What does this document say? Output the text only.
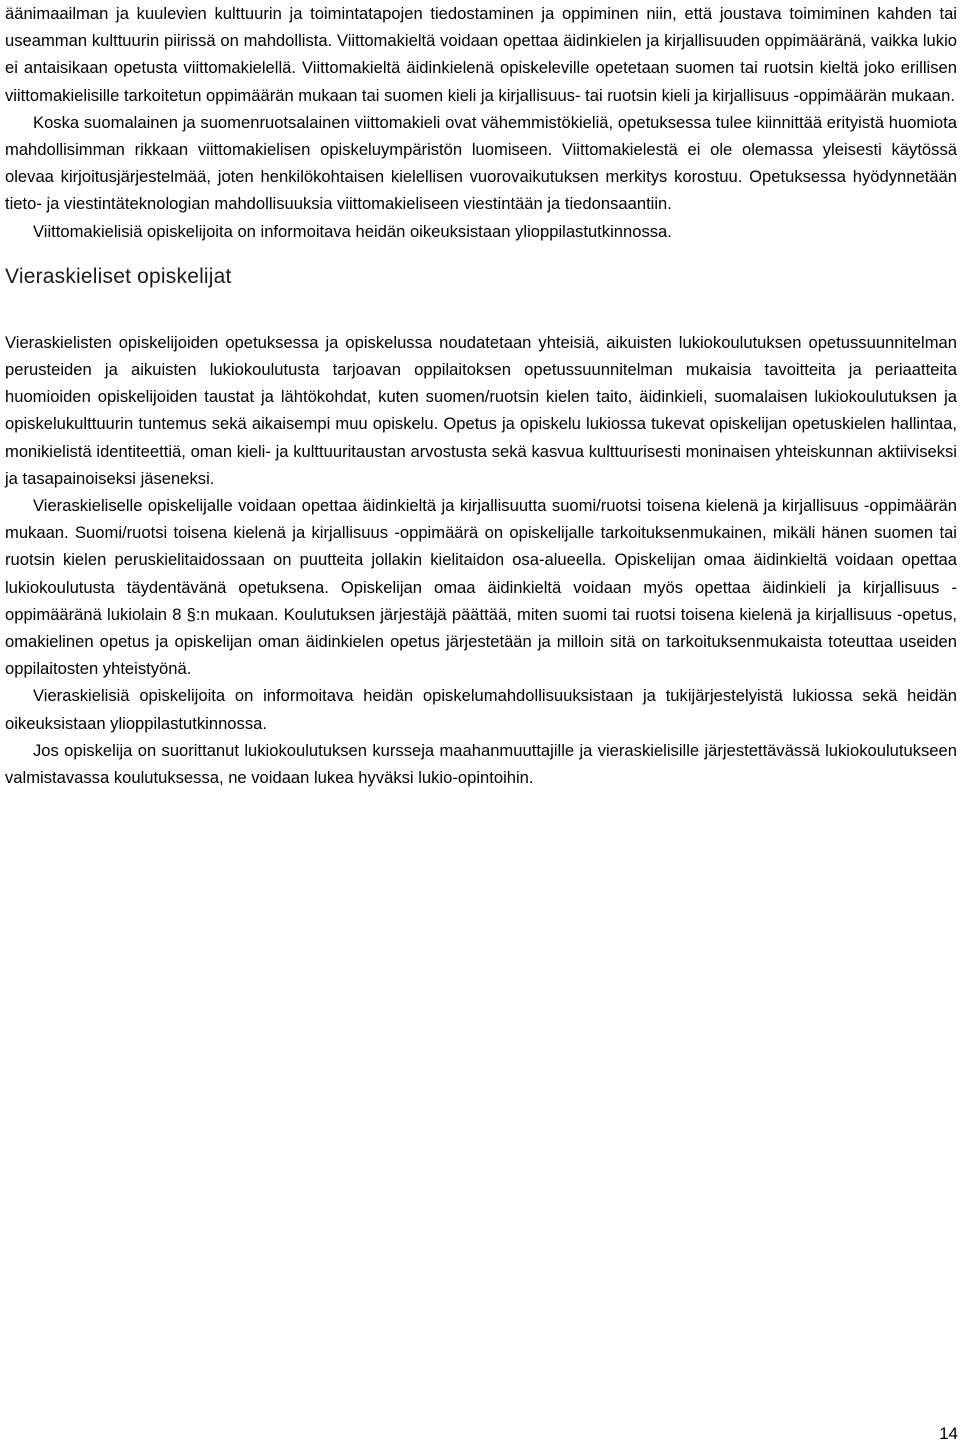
äänimaailman ja kuulevien kulttuurin ja toimintatapojen tiedostaminen ja oppiminen niin, että joustava toimiminen kahden tai useamman kulttuurin piirissä on mahdollista. Viittomakieltä voidaan opettaa äidinkielen ja kirjallisuuden oppimääränä, vaikka lukio ei antaisikaan opetusta viittomakielellä. Viittomakieltä äidinkielenä opiskeleville opetetaan suomen tai ruotsin kieltä joko erillisen viittomakielisille tarkoitetun oppimäärän mukaan tai suomen kieli ja kirjallisuus- tai ruotsin kieli ja kirjallisuus -oppimäärän mukaan.

Koska suomalainen ja suomenruotsalainen viittomakieli ovat vähemmistökieliä, opetuksessa tulee kiinnittää erityistä huomiota mahdollisimman rikkaan viittomakielisen opiskeluympäristön luomiseen. Viittomakielestä ei ole olemassa yleisesti käytössä olevaa kirjoitusjärjestelmää, joten henkilökohtaisen kielellisen vuorovaikutuksen merkitys korostuu. Opetuksessa hyödynnetään tieto- ja viestintäteknologian mahdollisuuksia viittomakieliseen viestintään ja tiedonsaantiin.

Viittomakielisiä opiskelijoita on informoitava heidän oikeuksistaan ylioppilastutkinnossa.

Vieraskieliset opiskelijat

Vieraskielisten opiskelijoiden opetuksessa ja opiskelussa noudatetaan yhteisiä, aikuisten lukiokoulutuksen opetussuunnitelman perusteiden ja aikuisten lukiokoulutusta tarjoavan oppilaitoksen opetussuunnitelman mukaisia tavoitteita ja periaatteita huomioiden opiskelijoiden taustat ja lähtökohdat, kuten suomen/ruotsin kielen taito, äidinkieli, suomalaisen lukiokoulutuksen ja opiskelukulttuurin tuntemus sekä aikaisempi muu opiskelu. Opetus ja opiskelu lukiossa tukevat opiskelijan opetuskielen hallintaa, monikielistä identiteettiä, oman kieli- ja kulttuuritaustan arvostusta sekä kasvua kulttuurisesti moninaisen yhteiskunnan aktiiviseksi ja tasapainoiseksi jäseneksi.

Vieraskieliselle opiskelijalle voidaan opettaa äidinkieltä ja kirjallisuutta suomi/ruotsi toisena kielenä ja kirjallisuus -oppimäärän mukaan. Suomi/ruotsi toisena kielenä ja kirjallisuus -oppimäärä on opiskelijalle tarkoituksenmukainen, mikäli hänen suomen tai ruotsin kielen peruskielitaidossaan on puutteita jollakin kielitaidon osa-alueella. Opiskelijan omaa äidinkieltä voidaan opettaa lukiokoulutusta täydentävänä opetuksena. Opiskelijan omaa äidinkieltä voidaan myös opettaa äidinkieli ja kirjallisuus -oppimääränä lukiolain 8 §:n mukaan. Koulutuksen järjestäjä päättää, miten suomi tai ruotsi toisena kielenä ja kirjallisuus -opetus, omakielinen opetus ja opiskelijan oman äidinkielen opetus järjestetään ja milloin sitä on tarkoituksenmukaista toteuttaa useiden oppilaitosten yhteistyönä.

Vieraskielisiä opiskelijoita on informoitava heidän opiskelumahdollisuuksistaan ja tukijärjestelyistä lukiossa sekä heidän oikeuksistaan ylioppilastutkinnossa.

Jos opiskelija on suorittanut lukiokoulutuksen kursseja maahanmuuttajille ja vieraskielisille järjestettävässä lukiokoulutukseen valmistavassa koulutuksessa, ne voidaan lukea hyväksi lukio-opintoihin.

14
